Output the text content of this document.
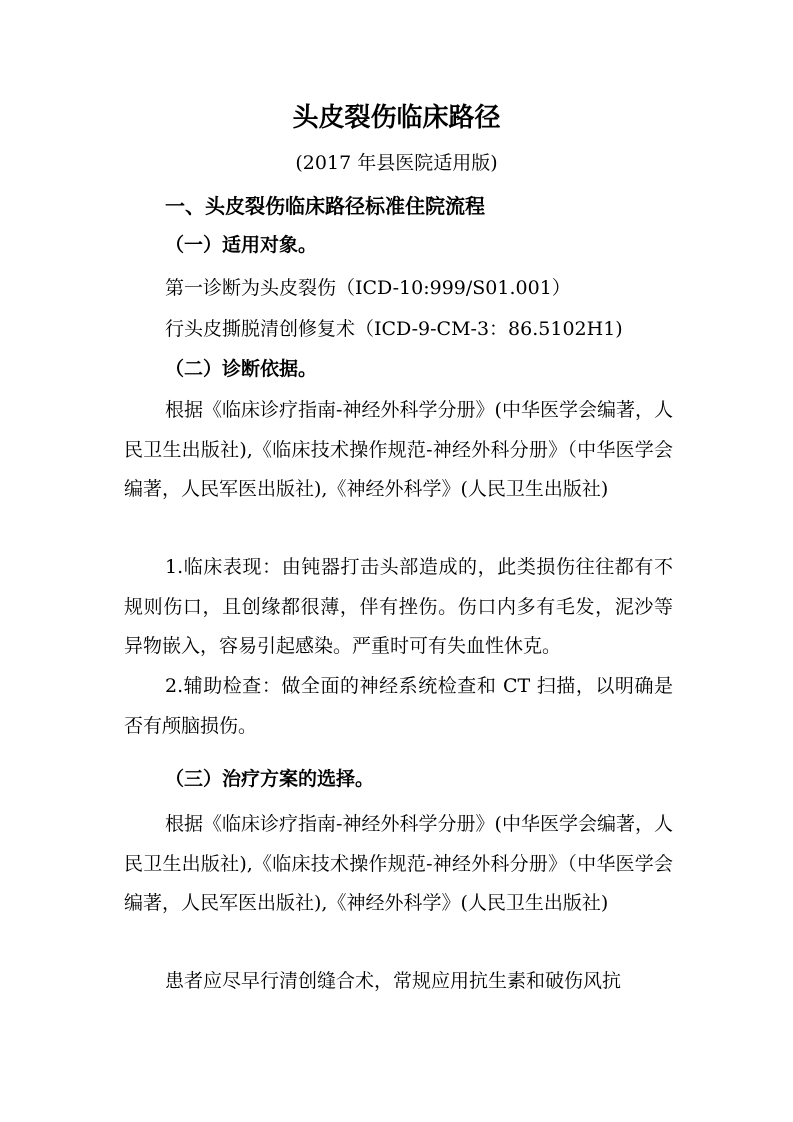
头皮裂伤临床路径
(2017 年县医院适用版)
一、头皮裂伤临床路径标准住院流程
（一）适用对象。
第一诊断为头皮裂伤（ICD-10:999/S01.001）
行头皮撕脱清创修复术（ICD-9-CM-3：86.5102H1)
（二）诊断依据。

根据《临床诊疗指南-神经外科学分册》(中华医学会编著，人民卫生出版社),《临床技术操作规范-神经外科分册》（中华医学会编著，人民军医出版社),《神经外科学》(人民卫生出版社)

1.临床表现：由钝器打击头部造成的，此类损伤往往都有不规则伤口，且创缘都很薄，伴有挫伤。伤口内多有毛发，泥沙等异物嵌入，容易引起感染。严重时可有失血性休克。

2.辅助检查：做全面的神经系统检查和 CT 扫描，以明确是否有颅脑损伤。

（三）治疗方案的选择。

根据《临床诊疗指南-神经外科学分册》(中华医学会编著，人民卫生出版社),《临床技术操作规范-神经外科分册》（中华医学会编著，人民军医出版社),《神经外科学》(人民卫生出版社)

患者应尽早行清创缝合术，常规应用抗生素和破伤风抗
